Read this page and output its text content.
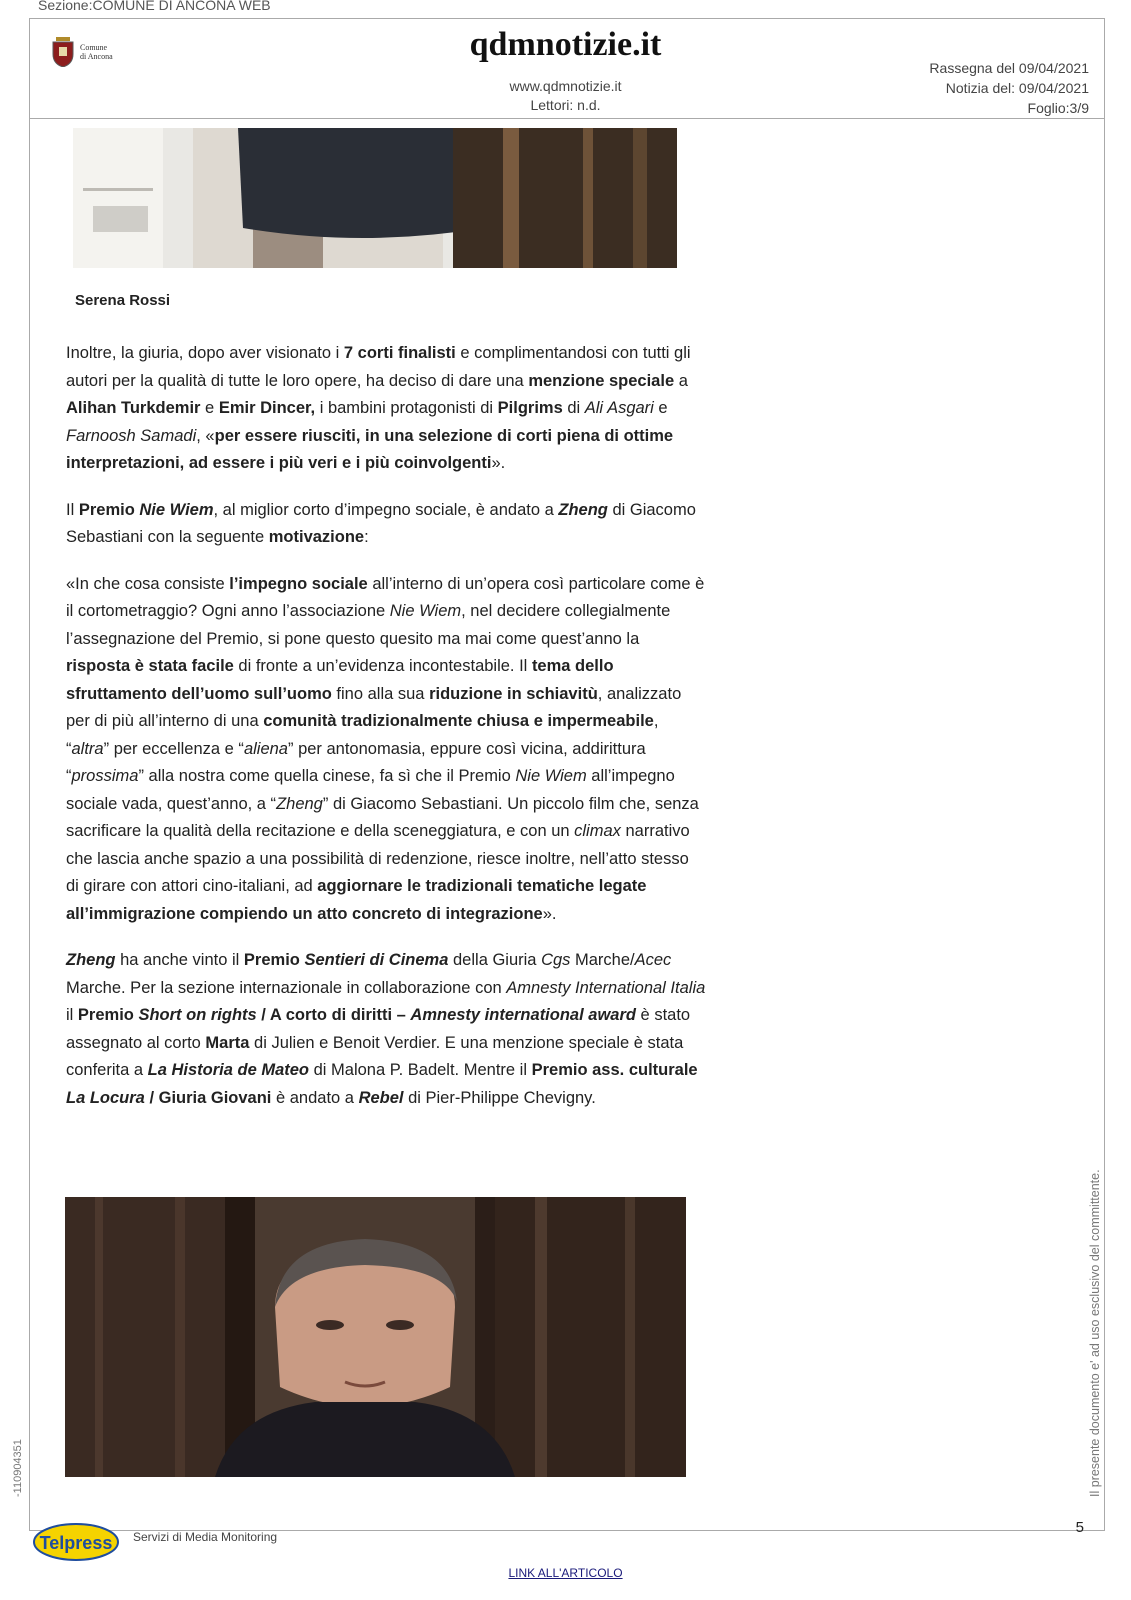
Sezione:COMUNE DI ANCONA WEB
Comune
di Ancona	qdmnotizie.it
www.qdmnotizie.it
Lettori: n.d.
Rassegna del 09/04/2021
Notizia del: 09/04/2021
Foglio:3/9
Serena Rossi

Inoltre, la giuria, dopo aver visionato i 7 corti finalisti e complimentandosi con tutti gli autori per la qualità di tutte le loro opere, ha deciso di dare una menzione speciale a Alihan Turkdemir e Emir Dincer, i bambini protagonisti di Pilgrims di Ali Asgari e Farnoosh Samadi, «per essere riusciti, in una selezione di corti piena di ottime interpretazioni, ad essere i più veri e i più coinvolgenti».

Il Premio Nie Wiem, al miglior corto d’impegno sociale, è andato a Zheng di Giacomo Sebastiani con la seguente motivazione:

«In che cosa consiste l’impegno sociale all’interno di un’opera così particolare come è il cortometraggio? Ogni anno l’associazione Nie Wiem, nel decidere collegialmente l’assegnazione del Premio, si pone questo quesito ma mai come quest’anno la risposta è stata facile di fronte a un’evidenza incontestabile. Il tema dello sfruttamento dell’uomo sull’uomo fino alla sua riduzione in schiavitù, analizzato per di più all’interno di una comunità tradizionalmente chiusa e impermeabile, “altra” per eccellenza e “aliena” per antonomasia, eppure così vicina, addirittura “prossima” alla nostra come quella cinese, fa sì che il Premio Nie Wiem all’impegno sociale vada, quest’anno, a “Zheng” di Giacomo Sebastiani. Un piccolo film che, senza sacrificare la qualità della recitazione e della sceneggiatura, e con un climax narrativo che lascia anche spazio a una possibilità di redenzione, riesce inoltre, nell’atto stesso di girare con attori cino-italiani, ad aggiornare le tradizionali tematiche legate all’immigrazione compiendo un atto concreto di integrazione».

Zheng ha anche vinto il Premio Sentieri di Cinema della Giuria Cgs Marche/Acec Marche. Per la sezione internazionale in collaborazione con Amnesty International Italia il Premio Short on rights / A corto di diritti – Amnesty international award è stato assegnato al corto Marta di Julien e Benoit Verdier. E una menzione speciale è stata conferita a La Historia de Mateo di Malona P. Badelt. Mentre il Premio ass. culturale La Locura / Giuria Giovani è andato a Rebel di Pier-Philippe Chevigny.

-110904351	Il presente documento e' ad uso esclusivo del committente.
Telpress Servizi di Media Monitoring
5
LINK ALL'ARTICOLO
